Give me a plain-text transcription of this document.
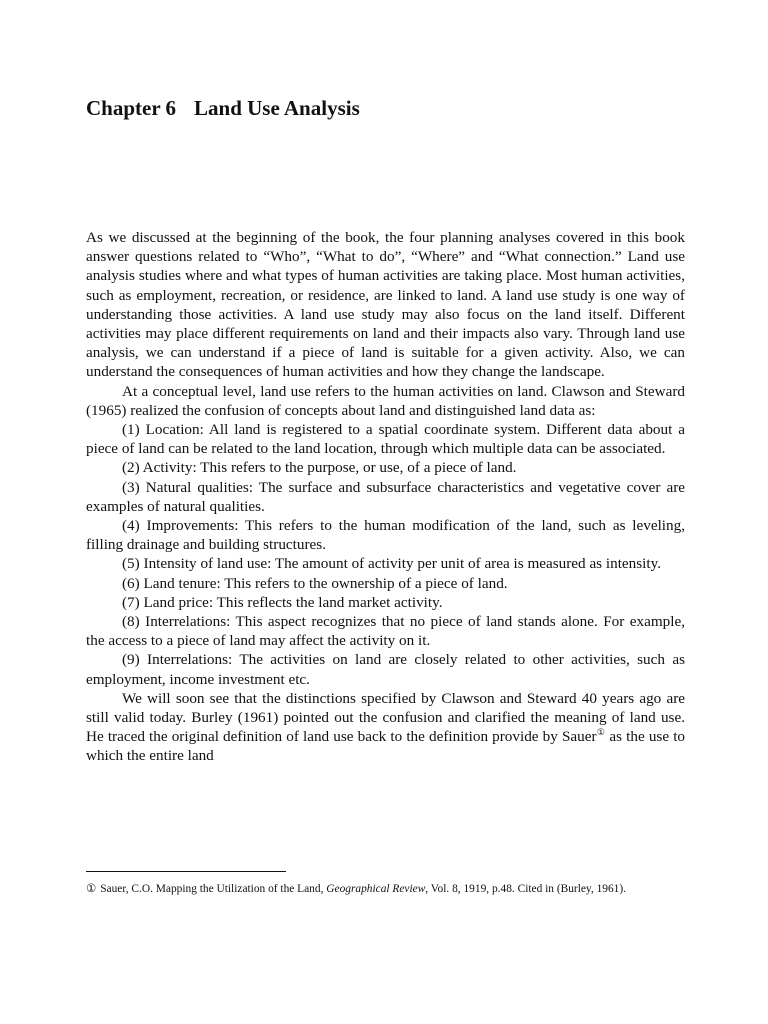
Chapter 6 Land Use Analysis

As we discussed at the beginning of the book, the four planning analyses covered in this book answer questions related to “Who”, “What to do”, “Where” and “What connection.” Land use analysis studies where and what types of human activities are taking place. Most human activities, such as employment, recreation, or residence, are linked to land. A land use study is one way of understanding those activities. A land use study may also focus on the land itself. Different activities may place different requirements on land and their impacts also vary. Through land use analysis, we can understand if a piece of land is suitable for a given activity. Also, we can understand the consequences of human activities and how they change the landscape.

At a conceptual level, land use refers to the human activities on land. Clawson and Steward (1965) realized the confusion of concepts about land and distinguished land data as:

(1) Location: All land is registered to a spatial coordinate system. Different data about a piece of land can be related to the land location, through which multiple data can be associated.

(2) Activity: This refers to the purpose, or use, of a piece of land.

(3) Natural qualities: The surface and subsurface characteristics and vegetative cover are examples of natural qualities.

(4) Improvements: This refers to the human modification of the land, such as leveling, filling drainage and building structures.

(5) Intensity of land use: The amount of activity per unit of area is measured as intensity.

(6) Land tenure: This refers to the ownership of a piece of land.

(7) Land price: This reflects the land market activity.

(8) Interrelations: This aspect recognizes that no piece of land stands alone. For example, the access to a piece of land may affect the activity on it.

(9) Interrelations: The activities on land are closely related to other activities, such as employment, income investment etc.

We will soon see that the distinctions specified by Clawson and Steward 40 years ago are still valid today. Burley (1961) pointed out the confusion and clarified the meaning of land use. He traced the original definition of land use back to the definition provide by Sauer① as the use to which the entire land

① Sauer, C.O. Mapping the Utilization of the Land, Geographical Review, Vol. 8, 1919, p.48. Cited in (Burley, 1961).
